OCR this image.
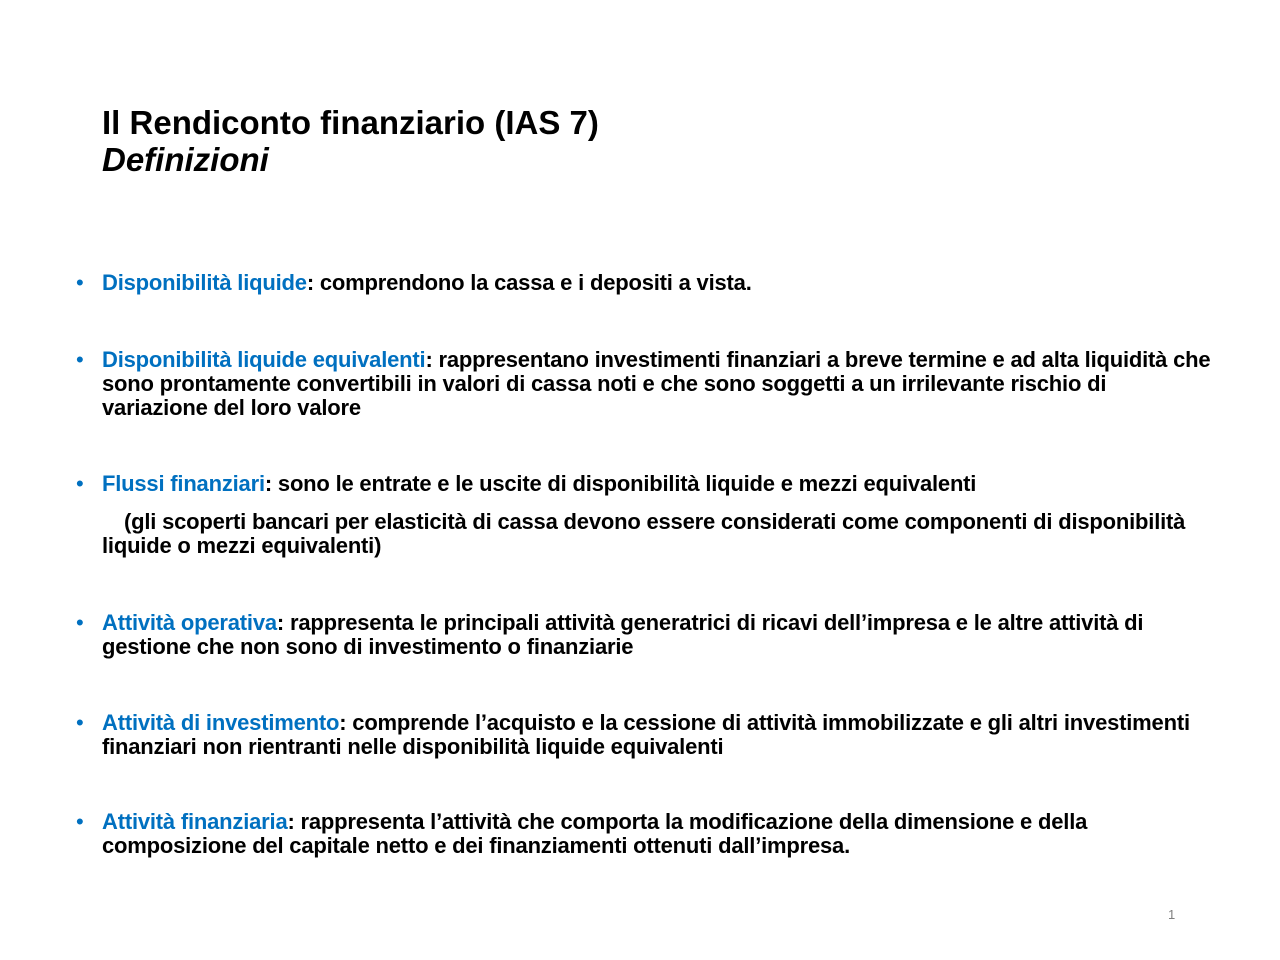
Il Rendiconto finanziario (IAS 7)
Definizioni
• Disponibilità liquide: comprendono la cassa e i depositi a vista.
• Disponibilità liquide equivalenti: rappresentano investimenti finanziari a breve termine e ad alta liquidità che sono prontamente convertibili in valori di cassa noti e che sono soggetti a un irrilevante rischio di variazione del loro valore
• Flussi finanziari: sono le entrate e le uscite di disponibilità liquide e mezzi equivalenti
(gli scoperti bancari per elasticità di cassa devono essere considerati come componenti di disponibilità liquide o mezzi equivalenti)
• Attività operativa: rappresenta le principali attività generatrici di ricavi dell’impresa e le altre attività di gestione che non sono di investimento o finanziarie
• Attività di investimento: comprende l’acquisto e la cessione di attività immobilizzate e gli altri investimenti finanziari non rientranti nelle disponibilità liquide equivalenti
• Attività finanziaria: rappresenta l’attività che comporta la modificazione della dimensione e della composizione del capitale netto e dei finanziamenti ottenuti dall’impresa.
1
